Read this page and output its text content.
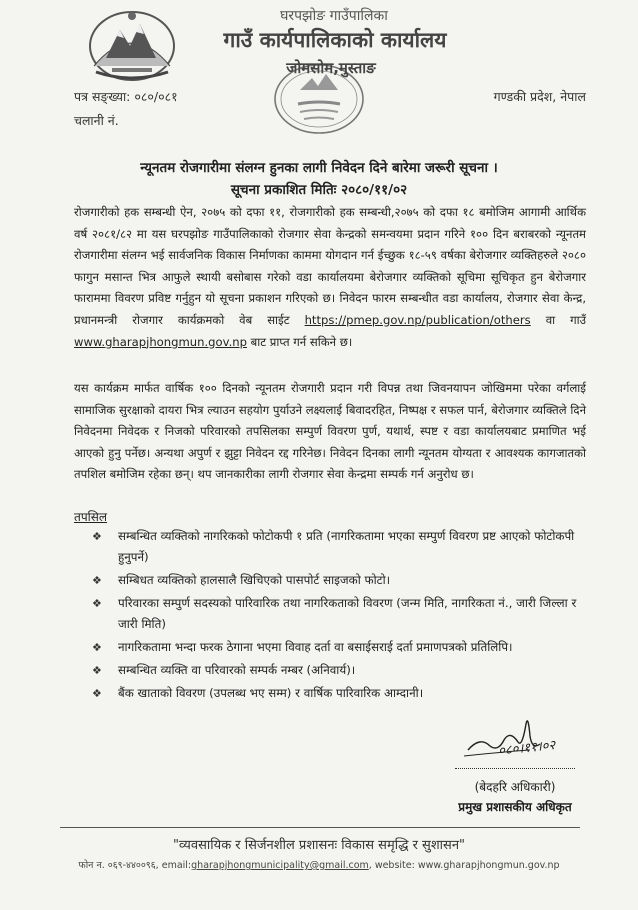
घरपझोङ गाउँपालिका
गाउँ कार्यपालिकाको कार्यालय
जोमसोम,मुस्ताङ
पत्र सङ्ख्या: ०८०/०८१
चलानी नं.
गण्डकी प्रदेश, नेपाल
न्यूनतम रोजगारीमा संलग्न हुनका लागी निवेदन दिने बारेमा जरूरी सूचना ।
सूचना प्रकाशित मितिः २०८०/११/०२
रोजगारीको हक सम्बन्धी ऐन, २०७५ को दफा ११, रोजगारीको हक सम्बन्धी,२०७५ को दफा १८ बमोजिम आगामी आर्थिक वर्ष २०८१/८२ मा यस घरपझोङ गाउँपालिकाको रोजगार सेवा केन्द्रको समन्वयमा प्रदान गरिने १०० दिन बराबरको न्यूनतम रोजगारीमा संलग्न भई सार्वजनिक विकास निर्माणका काममा योगदान गर्न ईच्छुक १८-५९ वर्षका बेरोजगार व्यक्तिहरुले २०८० फागुन मसान्त भित्र आफुले स्थायी बसोबास गरेको वडा कार्यालयमा बेरोजगार व्यक्तिको सूचिमा सूचिकृत हुन बेरोजगार फाराममा विवरण प्रविष्ट गर्नुहुन यो सूचना प्रकाशन गरिएको छ। निवेदन फारम सम्बन्धीत वडा कार्यालय, रोजगार सेवा केन्द्र, प्रधानमन्त्री रोजगार कार्यक्रमको वेब साईट https://pmep.gov.np/publication/others वा गाउँ www.gharapjhongmun.gov.np बाट प्राप्त गर्न सकिने छ।
यस कार्यक्रम मार्फत वार्षिक १०० दिनको न्यूनतम रोजगारी प्रदान गरी विपन्न तथा जिवनयापन जोखिममा परेका वर्गलाई सामाजिक सुरक्षाको दायरा भित्र ल्याउन सहयोग पुर्याउने लक्ष्यलाई बिवादरहित, निष्पक्ष र सफल पार्न, बेरोजगार व्यक्तिले दिने निवेदनमा निवेदक र निजको परिवारको तपसिलका सम्पुर्ण विवरण पुर्ण, यथार्थ, स्पष्ट र वडा कार्यालयबाट प्रमाणित भई आएको हुनु पर्नेछ। अन्यथा अपुर्ण र झुट्टा निवेदन रद्द गरिनेछ। निवेदन दिनका लागी न्यूनतम योग्यता र आवश्यक कागजातको तपशिल बमोजिम रहेका छन्। थप जानकारीका लागी रोजगार सेवा केन्द्रमा सम्पर्क गर्न अनुरोध छ।
तपसिल
❖ सम्बन्धित व्यक्तिको नागरिकको फोटोकपी १ प्रति (नागरिकतामा भएका सम्पुर्ण विवरण प्रष्ट आएको फोटोकपी हुनुपर्ने)
❖ सम्बिधत व्यक्तिको हालसालै खिचिएको पासपोर्ट साइजको फोटो।
❖ परिवारका सम्पुर्ण सदस्यको पारिवारिक तथा नागरिकताको विवरण (जन्म मिति, नागरिकता नं., जारी जिल्ला र जारी मिति)
❖ नागरिकतामा भन्दा फरक ठेगाना भएमा विवाह दर्ता वा बसाईसराई दर्ता प्रमाणपत्रको प्रतिलिपि।
❖ सम्बन्धित व्यक्ति वा परिवारको सम्पर्क नम्बर (अनिवार्य)।
❖ बैंक खाताको विवरण (उपलब्ध भए सम्म) र वार्षिक पारिवारिक आम्दानी।
०८०।११।०२
(बेदहरि अधिकारी)
प्रमुख प्रशासकीय अधिकृत
"व्यवसायिक र सिर्जनशील प्रशासनः विकास समृद्धि र सुशासन"
फोन न. ०६९-४४००९६, email:gharapjhongmunicipality@gmail.com, website: www.gharapjhongmun.gov.np
